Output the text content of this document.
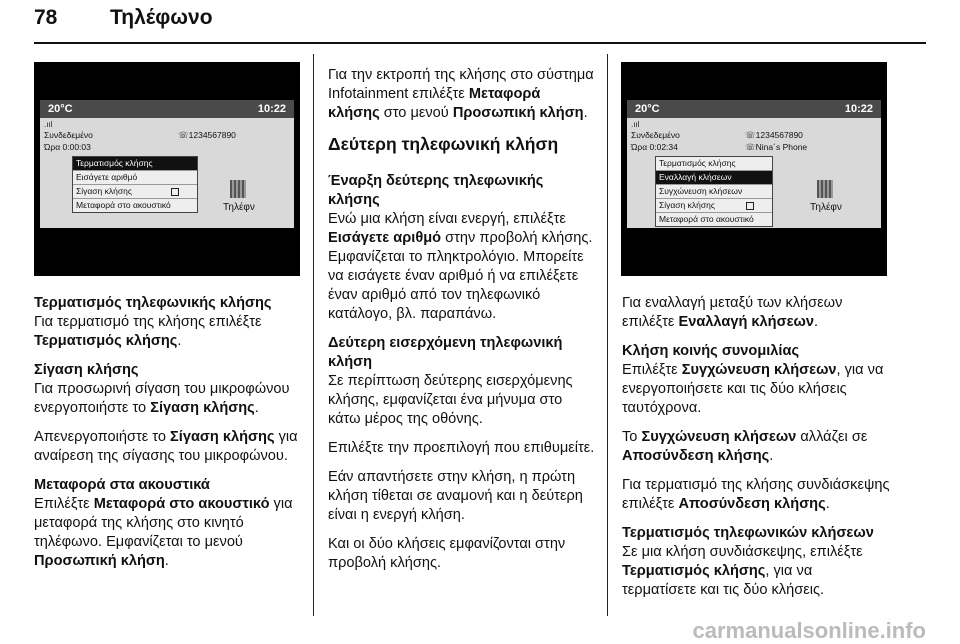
78	Τηλέφωνο
20°C	10:22
.ııl
Συνδεδεμένο
Ώρα 0:00:03
☏1234567890
Τερματισμός κλήσης
Εισάγετε αριθμό
Σίγαση κλήσης
Μεταφορά στο ακουστικό	Τηλέφν
Τερματισμός τηλεφωνικής κλήσης

Για τερματισμό της κλήσης επιλέξτε Τερματισμός κλήσης.

Σίγαση κλήσης

Για προσωρινή σίγαση του μικροφώνου ενεργοποιήστε το Σίγαση κλήσης.

Απενεργοποιήστε το Σίγαση κλήσης για αναίρεση της σίγασης του μικροφώνου.

Μεταφορά στα ακουστικά

Επιλέξτε Μεταφορά στο ακουστικό για μεταφορά της κλήσης στο κινητό τηλέφωνο. Εμφανίζεται το μενού Προσωπική κλήση.

Για την εκτροπή της κλήσης στο σύστημα Infotainment επιλέξτε Μεταφορά κλήσης στο μενού Προσωπική κλήση.

Δεύτερη τηλεφωνική κλήση
Έναρξη δεύτερης τηλεφωνικής κλήσης

Ενώ μια κλήση είναι ενεργή, επιλέξτε Εισάγετε αριθμό στην προβολή κλήσης. Εμφανίζεται το πληκτρολόγιο. Μπορείτε να εισάγετε έναν αριθμό ή να επιλέξετε έναν αριθμό από τον τηλεφωνικό κατάλογο, βλ. παραπάνω.

Δεύτερη εισερχόμενη τηλεφωνική κλήση

Σε περίπτωση δεύτερης εισερχόμενης κλήσης, εμφανίζεται ένα μήνυμα στο κάτω μέρος της οθόνης.

Επιλέξτε την προεπιλογή που επιθυμείτε.

Εάν απαντήσετε στην κλήση, η πρώτη κλήση τίθεται σε αναμονή και η δεύτερη είναι η ενεργή κλήση.

Και οι δύο κλήσεις εμφανίζονται στην προβολή κλήσης.

20°C	10:22
.ııl
Συνδεδεμένο
Ώρα 0:02:34
☏1234567890
☏Nina´s Phone
Τερματισμός κλήσης
Εναλλαγή κλήσεων
Συγχώνευση κλήσεων
Σίγαση κλήσης
Μεταφορά στο ακουστικό
Τηλέφν

Για εναλλαγή μεταξύ των κλήσεων επιλέξτε Εναλλαγή κλήσεων.

Κλήση κοινής συνομιλίας

Επιλέξτε Συγχώνευση κλήσεων, για να ενεργοποιήσετε και τις δύο κλήσεις ταυτόχρονα.

Το Συγχώνευση κλήσεων αλλάζει σε Αποσύνδεση κλήσης.

Για τερματισμό της κλήσης συνδιάσκεψης επιλέξτε Αποσύνδεση κλήσης.

Τερματισμός τηλεφωνικών κλήσεων

Σε μια κλήση συνδιάσκεψης, επιλέξτε Τερματισμός κλήσης, για να τερματίσετε και τις δύο κλήσεις.

carmanualsonline.info
